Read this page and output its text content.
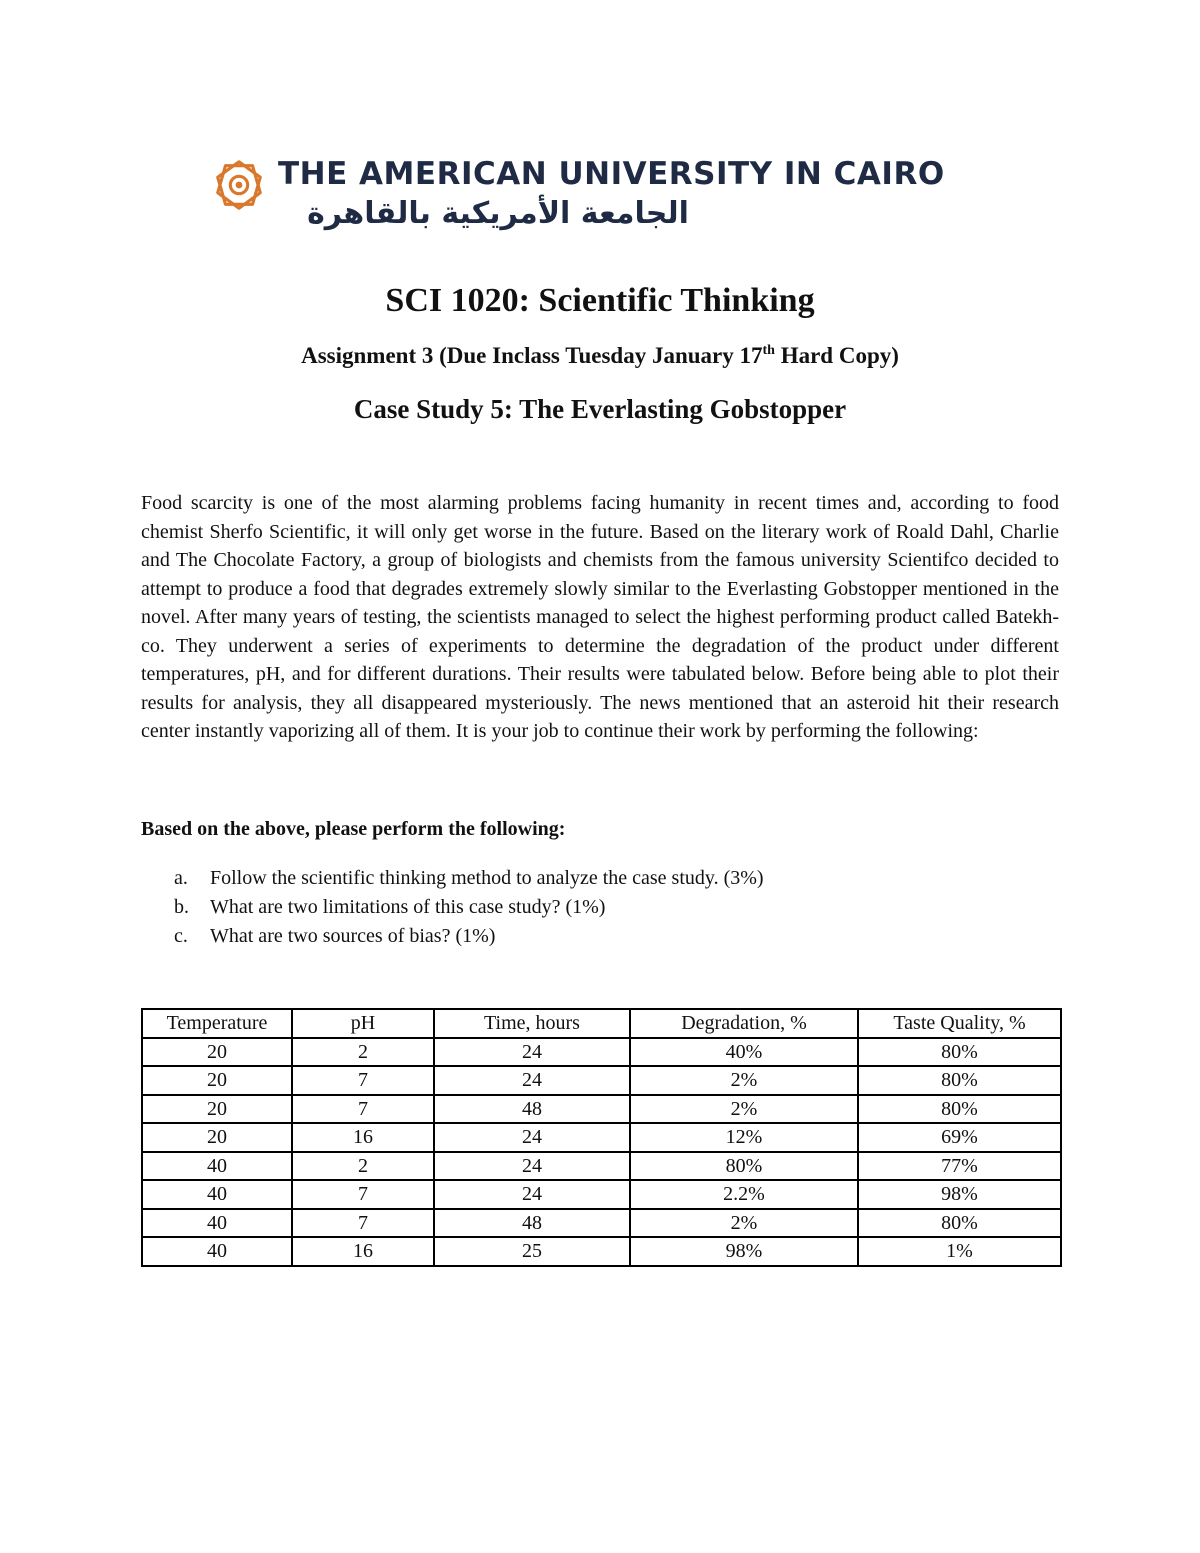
THE AMERICAN UNIVERSITY IN CAIRO
الجامعة الأمريكية بالقاهرة
SCI 1020: Scientific Thinking
Assignment 3 (Due Inclass Tuesday January 17th Hard Copy)
Case Study 5: The Everlasting Gobstopper

Food scarcity is one of the most alarming problems facing humanity in recent times and, according to food chemist Sherfo Scientific, it will only get worse in the future. Based on the literary work of Roald Dahl, Charlie and The Chocolate Factory, a group of biologists and chemists from the famous university Scientifco decided to attempt to produce a food that degrades extremely slowly similar to the Everlasting Gobstopper mentioned in the novel. After many years of testing, the scientists managed to select the highest performing product called Batekh-co. They underwent a series of experiments to determine the degradation of the product under different temperatures, pH, and for different durations. Their results were tabulated below. Before being able to plot their results for analysis, they all disappeared mysteriously. The news mentioned that an asteroid hit their research center instantly vaporizing all of them. It is your job to continue their work by performing the following:

Based on the above, please perform the following:

a. Follow the scientific thinking method to analyze the case study. (3%)
b. What are two limitations of this case study? (1%)
c. What are two sources of bias? (1%)
Temperature	pH	Time, hours	Degradation, %	Taste Quality, %
20	2	24	40%	80%
20	7	24	2%	80%
20	7	48	2%	80%
20	16	24	12%	69%
40	2	24	80%	77%
40	7	24	2.2%	98%
40	7	48	2%	80%
40	16	25	98%	1%
